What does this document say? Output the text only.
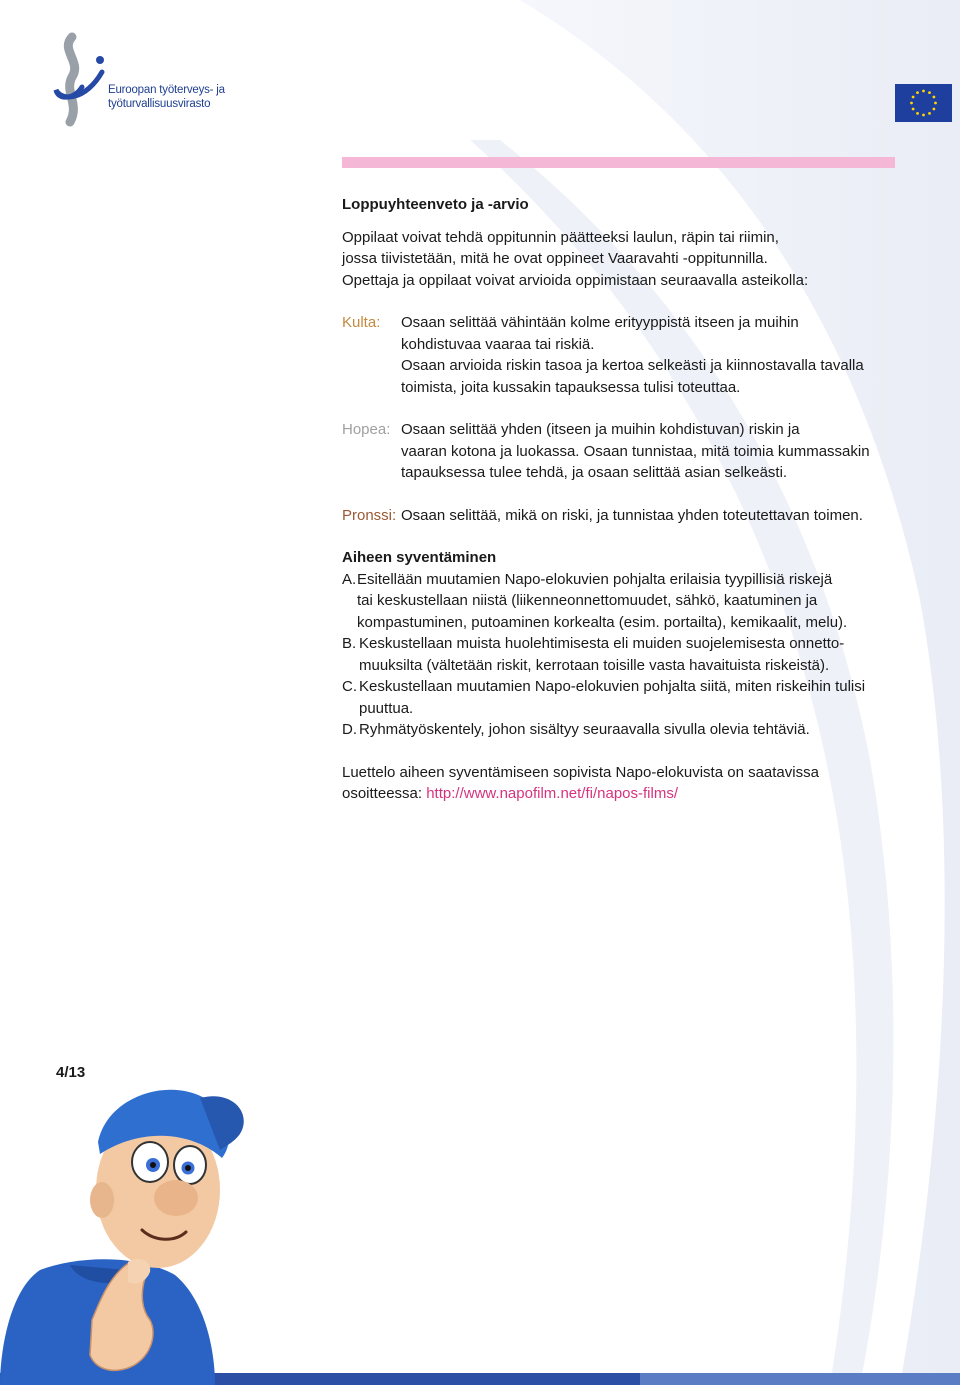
Euroopan työterveys- ja
työturvallisuusvirasto
Loppuyhteenveto ja -arvio

Oppilaat voivat tehdä oppitunnin päätteeksi laulun, räpin tai riimin,

jossa tiivistetään, mitä he ovat oppineet Vaaravahti -oppitunnilla.

Opettaja ja oppilaat voivat arvioida oppimistaan seuraavalla asteikolla:

Kulta:	Osaan selittää vähintään kolme erityyppistä itseen ja muihin

kohdistuvaa vaaraa tai riskiä.

Osaan arvioida riskin tasoa ja kertoa selkeästi ja kiinnostavalla tavalla

toimista, joita kussakin tapauksessa tulisi toteuttaa.

Hopea: Osaan selittää yhden (itseen ja muihin kohdistuvan) riskin ja

vaaran kotona ja luokassa. Osaan tunnistaa, mitä toimia kummassakin

tapauksessa tulee tehdä, ja osaan selittää asian selkeästi.

Pronssi: Osaan selittää, mikä on riski, ja tunnistaa yhden toteutettavan toimen.

Aiheen syventäminen
A. Esitellään muutamien Napo-elokuvien pohjalta erilaisia tyypillisiä riskejä
tai keskustellaan niistä (liikenneonnettomuudet, sähkö, kaatuminen ja
kompastuminen, putoaminen korkealta (esim. portailta), kemikaalit, melu).
B. Keskustellaan muista huolehtimisesta eli muiden suojelemisesta onnetto-
muuksilta (vältetään riskit, kerrotaan toisille vasta havaituista riskeistä).
C. Keskustellaan muutamien Napo-elokuvien pohjalta siitä, miten riskeihin tulisi
puuttua.
D. Ryhmätyöskentely, johon sisältyy seuraavalla sivulla olevia tehtäviä.

Luettelo aiheen syventämiseen sopivista Napo-elokuvista on saatavissa

osoitteessa: http://www.napofilm.net/fi/napos-films/

4/13
